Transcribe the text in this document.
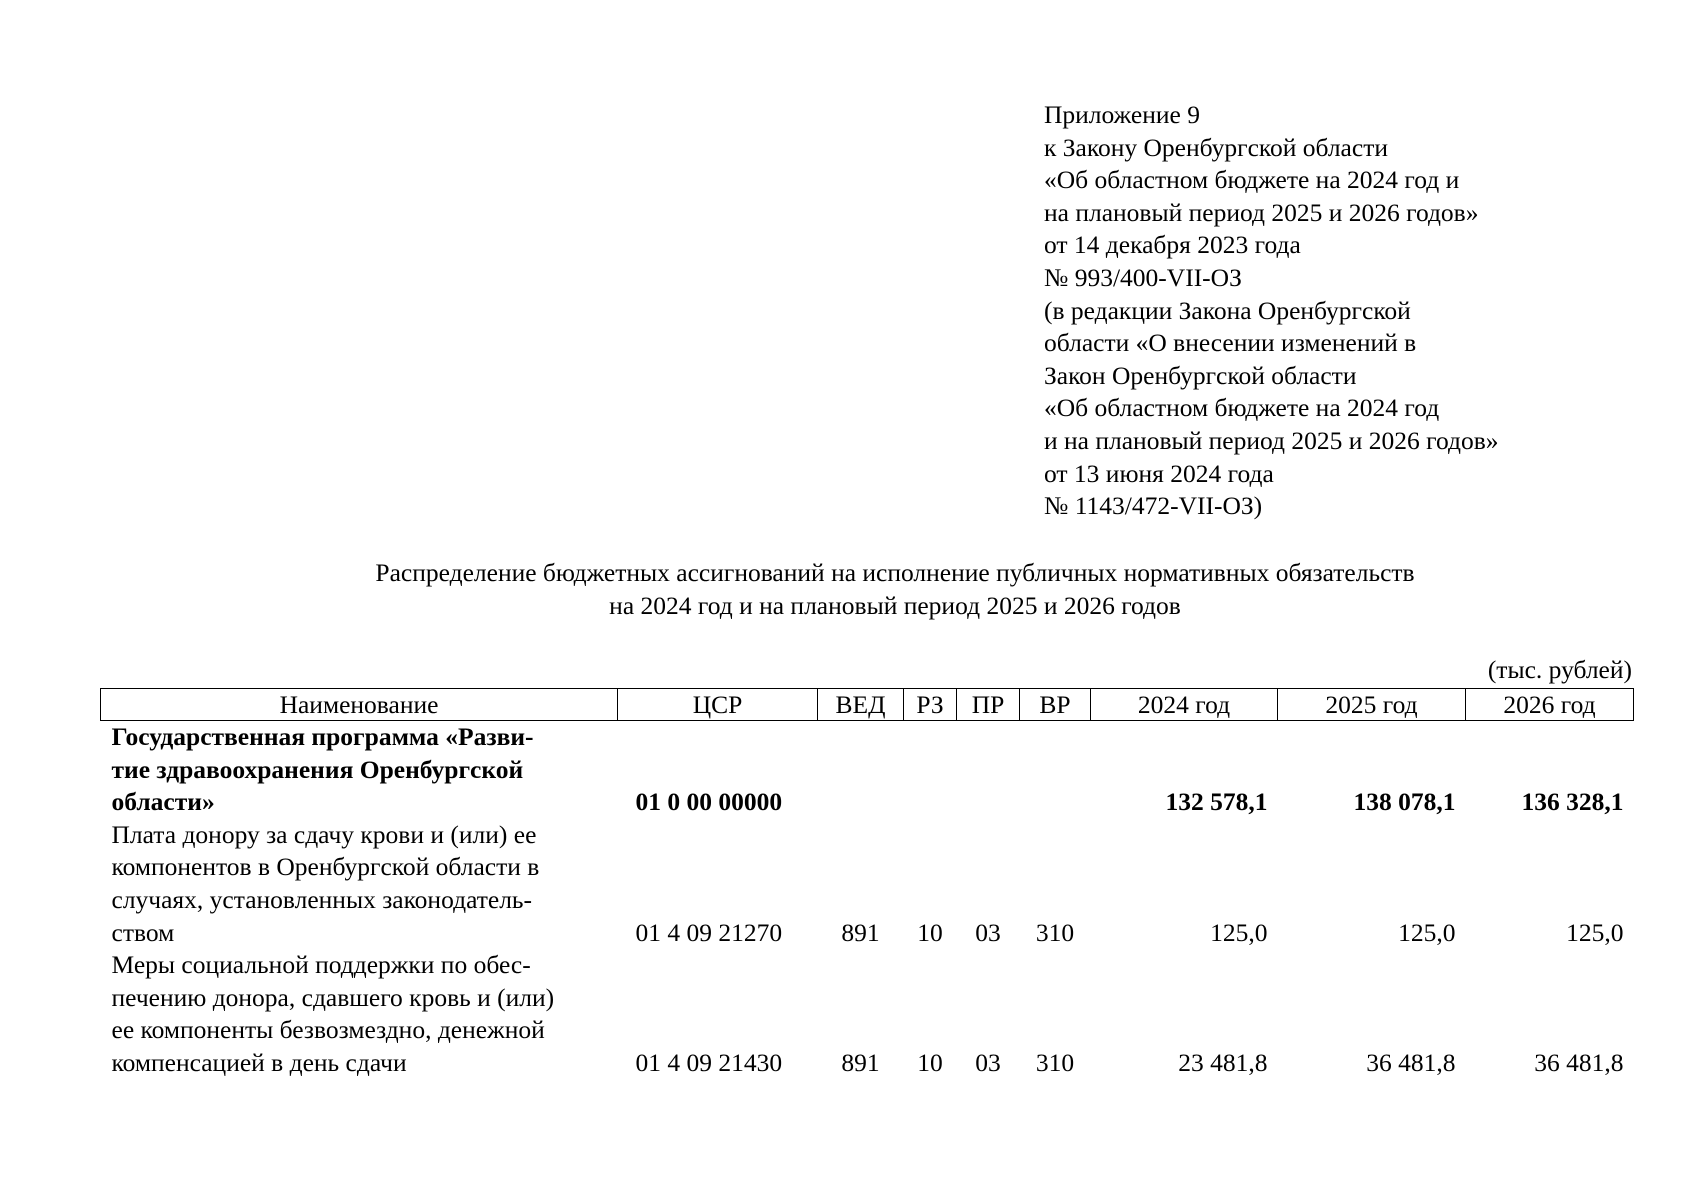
Приложение 9
к Закону Оренбургской области
«Об областном бюджете на 2024 год и
на плановый период 2025 и 2026 годов»
от 14 декабря 2023 года
№ 993/400-VII-ОЗ
(в редакции Закона Оренбургской
области «О внесении изменений в
Закон Оренбургской области
«Об областном бюджете на 2024 год
и на плановый период 2025 и 2026 годов»
от 13 июня 2024 года
№ 1143/472-VII-ОЗ)
Распределение бюджетных ассигнований на исполнение публичных нормативных обязательств
на 2024 год и на плановый период 2025 и 2026 годов
(тыс. рублей)
Наименование	ЦСР	ВЕД	РЗ	ПР	ВР	2024 год	2025 год	2026 год

Государственная программа «Разви-
тие здравоохранения Оренбургской
области»	01 0 00 00000					132 578,1	138 078,1	136 328,1

Плата донору за сдачу крови и (или) ее
компонентов в Оренбургской области в
случаях, установленных законодатель-
ством	01 4 09 21270	891	10	03	310	125,0	125,0	125,0

Меры социальной поддержки по обес-
печению донора, сдавшего кровь и (или)
ее компоненты безвозмездно, денежной
компенсацией в день сдачи	01 4 09 21430	891	10	03	310	23 481,8	36 481,8	36 481,8
